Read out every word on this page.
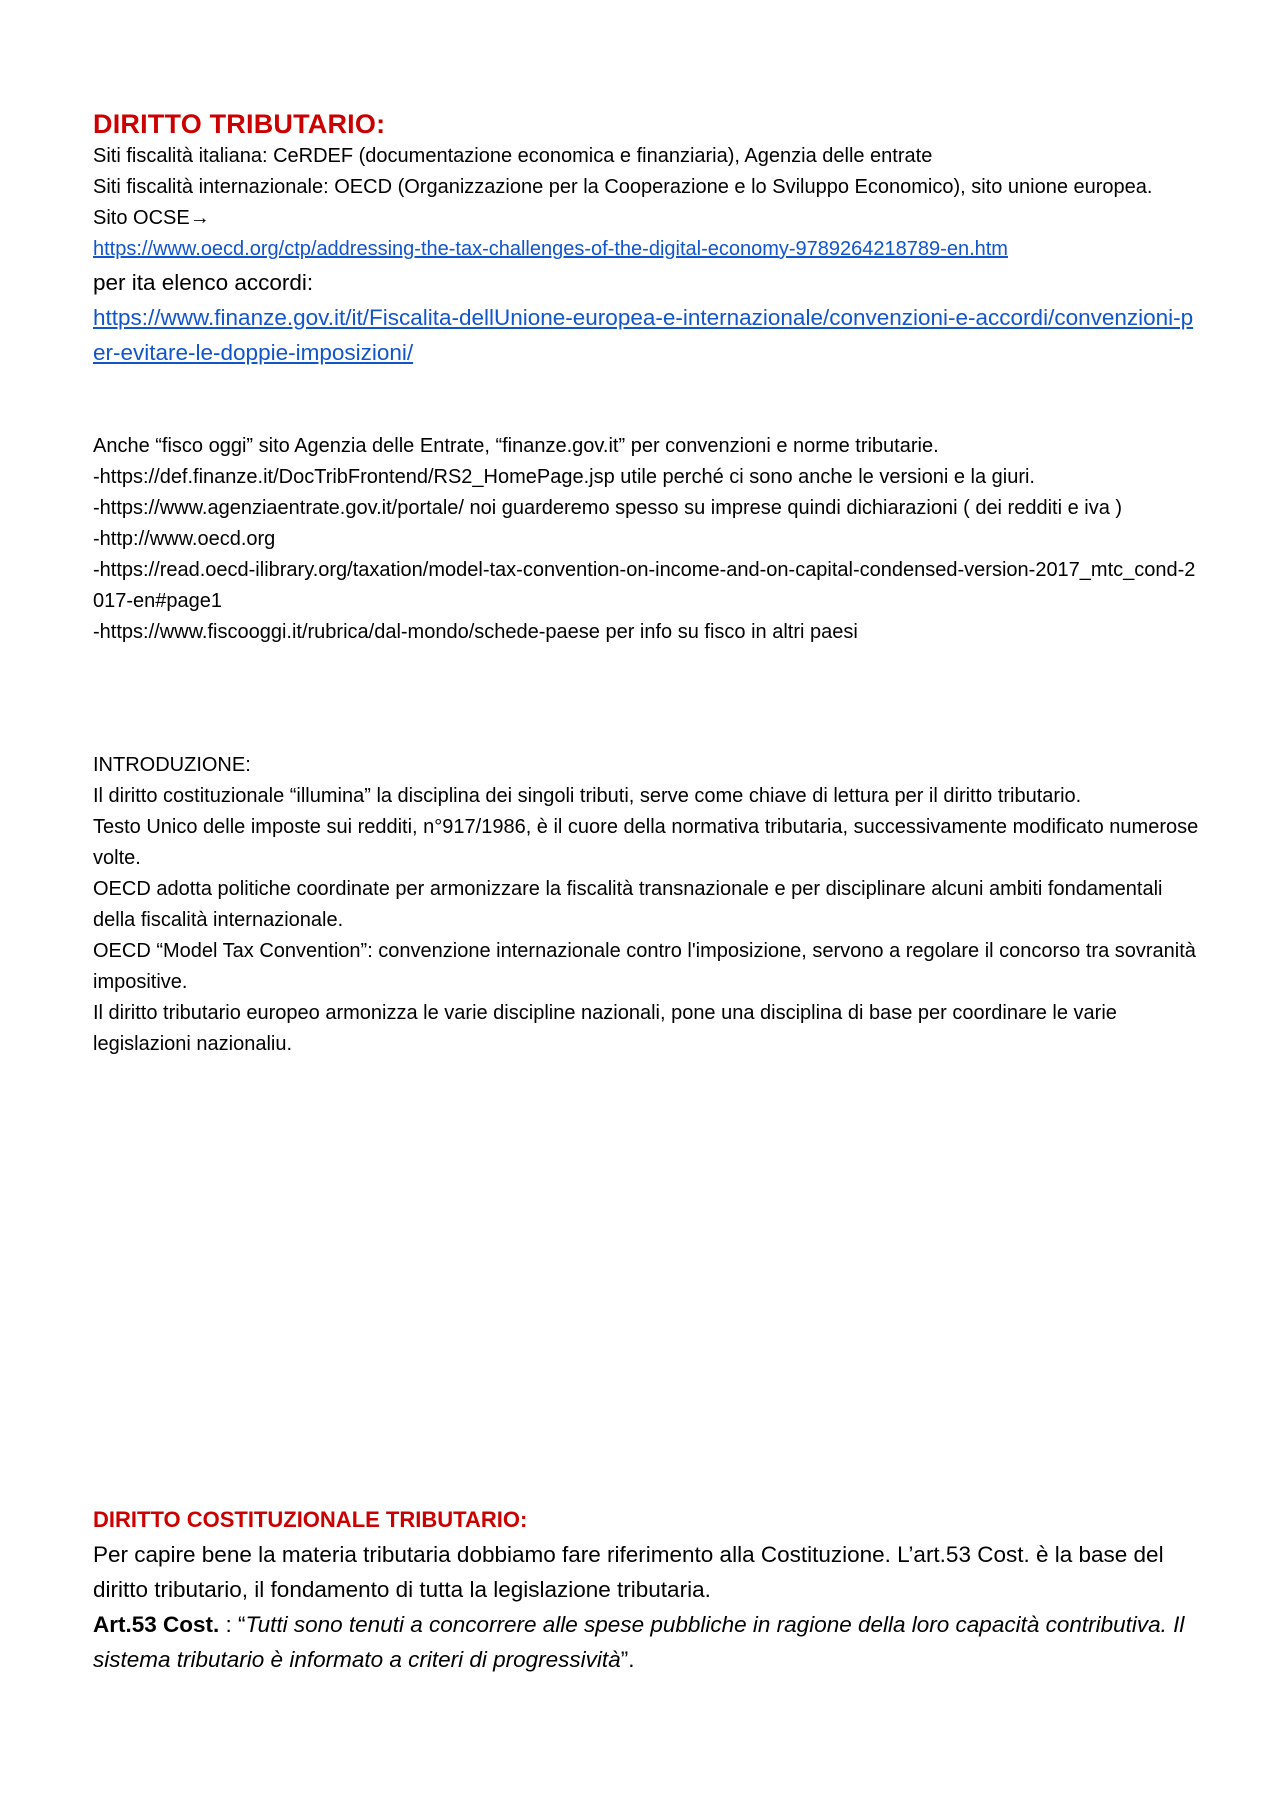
DIRITTO TRIBUTARIO:

Siti fiscalità italiana: CeRDEF (documentazione economica e finanziaria), Agenzia delle entrate

Siti fiscalità internazionale: OECD (Organizzazione per la Cooperazione e lo Sviluppo Economico), sito unione europea.

Sito OCSE→

https://www.oecd.org/ctp/addressing-the-tax-challenges-of-the-digital-economy-9789264218789-en.htm

per ita elenco accordi:

https://www.finanze.gov.it/it/Fiscalita-dellUnione-europea-e-internazionale/convenzioni-e-accordi/convenzioni-per-evitare-le-doppie-imposizioni/

Anche “fisco oggi” sito Agenzia delle Entrate, “finanze.gov.it” per convenzioni e norme tributarie.

-https://def.finanze.it/DocTribFrontend/RS2_HomePage.jsp utile perché ci sono anche le versioni e la giuri.

-https://www.agenziaentrate.gov.it/portale/ noi guarderemo spesso su imprese quindi dichiarazioni ( dei redditi e iva )

-http://www.oecd.org

-https://read.oecd-ilibrary.org/taxation/model-tax-convention-on-income-and-on-capital-condensed-version-2017_mtc_cond-2017-en#page1

-https://www.fiscooggi.it/rubrica/dal-mondo/schede-paese per info su fisco in altri paesi

INTRODUZIONE:

Il diritto costituzionale “illumina” la disciplina dei singoli tributi, serve come chiave di lettura per il diritto tributario.

Testo Unico delle imposte sui redditi, n°917/1986, è il cuore della normativa tributaria, successivamente modificato numerose volte.

OECD adotta politiche coordinate per armonizzare la fiscalità transnazionale e per disciplinare alcuni ambiti fondamentali della fiscalità internazionale.

OECD “Model Tax Convention”: convenzione internazionale contro l'imposizione, servono a regolare il concorso tra sovranità impositive.

Il diritto tributario europeo armonizza le varie discipline nazionali, pone una disciplina di base per coordinare le varie legislazioni nazionaliu.

DIRITTO COSTITUZIONALE TRIBUTARIO:

Per capire bene la materia tributaria dobbiamo fare riferimento alla Costituzione. L’art.53 Cost. è la base del diritto tributario, il fondamento di tutta la legislazione tributaria.

Art.53 Cost. : “Tutti sono tenuti a concorrere alle spese pubbliche in ragione della loro capacità contributiva. Il sistema tributario è informato a criteri di progressività”.
